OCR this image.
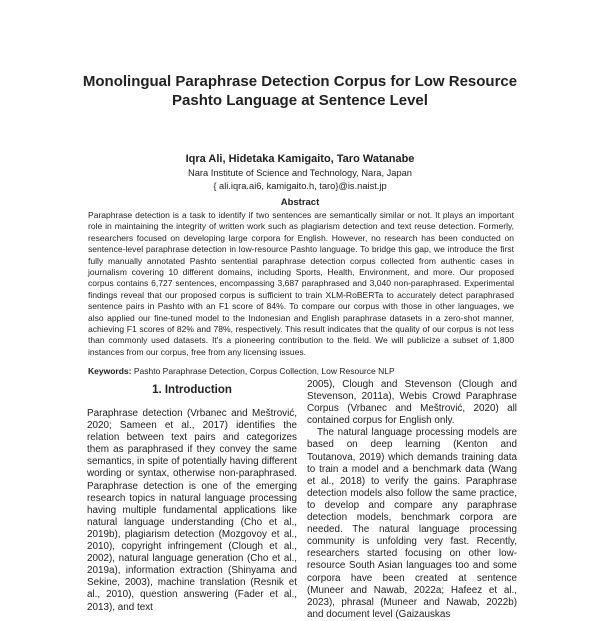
Monolingual Paraphrase Detection Corpus for Low Resource Pashto Language at Sentence Level
Iqra Ali, Hidetaka Kamigaito, Taro Watanabe
Nara Institute of Science and Technology, Nara, Japan
{ ali.iqra.ai6, kamigaito.h, taro}@is.naist.jp
Abstract
Paraphrase detection is a task to identify if two sentences are semantically similar or not. It plays an important role in maintaining the integrity of written work such as plagiarism detection and text reuse detection. Formerly, researchers focused on developing large corpora for English. However, no research has been conducted on sentence-level paraphrase detection in low-resource Pashto language. To bridge this gap, we introduce the first fully manually annotated Pashto sentential paraphrase detection corpus collected from authentic cases in journalism covering 10 different domains, including Sports, Health, Environment, and more. Our proposed corpus contains 6,727 sentences, encompassing 3,687 paraphrased and 3,040 non-paraphrased. Experimental findings reveal that our proposed corpus is sufficient to train XLM-RoBERTa to accurately detect paraphrased sentence pairs in Pashto with an F1 score of 84%. To compare our corpus with those in other languages, we also applied our fine-tuned model to the Indonesian and English paraphrase datasets in a zero-shot manner, achieving F1 scores of 82% and 78%, respectively. This result indicates that the quality of our corpus is not less than commonly used datasets. It's a pioneering contribution to the field. We will publicize a subset of 1,800 instances from our corpus, free from any licensing issues.
Keywords: Pashto Paraphrase Detection, Corpus Collection, Low Resource NLP
1. Introduction
Paraphrase detection (Vrbanec and Meštrović, 2020; Sameen et al., 2017) identifies the relation between text pairs and categorizes them as paraphrased if they convey the same semantics, in spite of potentially having different wording or syntax, otherwise non-paraphrased. Paraphrase detection is one of the emerging research topics in natural language processing having multiple fundamental applications like natural language understanding (Cho et al., 2019b), plagiarism detection (Mozgovoy et al., 2010), copyright infringement (Clough et al., 2002), natural language generation (Cho et al., 2019a), information extraction (Shinyama and Sekine, 2003), machine translation (Resnik et al., 2010), question answering (Fader et al., 2013), and text

2005), Clough and Stevenson (Clough and Stevenson, 2011a), Webis Crowd Paraphrase Corpus (Vrbanec and Meštrović, 2020) all contained corpus for English only.

The natural language processing models are based on deep learning (Kenton and Toutanova, 2019) which demands training data to train a model and a benchmark data (Wang et al., 2018) to verify the gains. Paraphrase detection models also follow the same practice, to develop and compare any paraphrase detection models, benchmark corpora are needed. The natural language processing community is unfolding very fast. Recently, researchers started focusing on other low-resource South Asian languages too and some corpora have been created at sentence (Muneer and Nawab, 2022a; Hafeez et al., 2023), phrasal (Muneer and Nawab, 2022b) and document level (Gaizauskas
